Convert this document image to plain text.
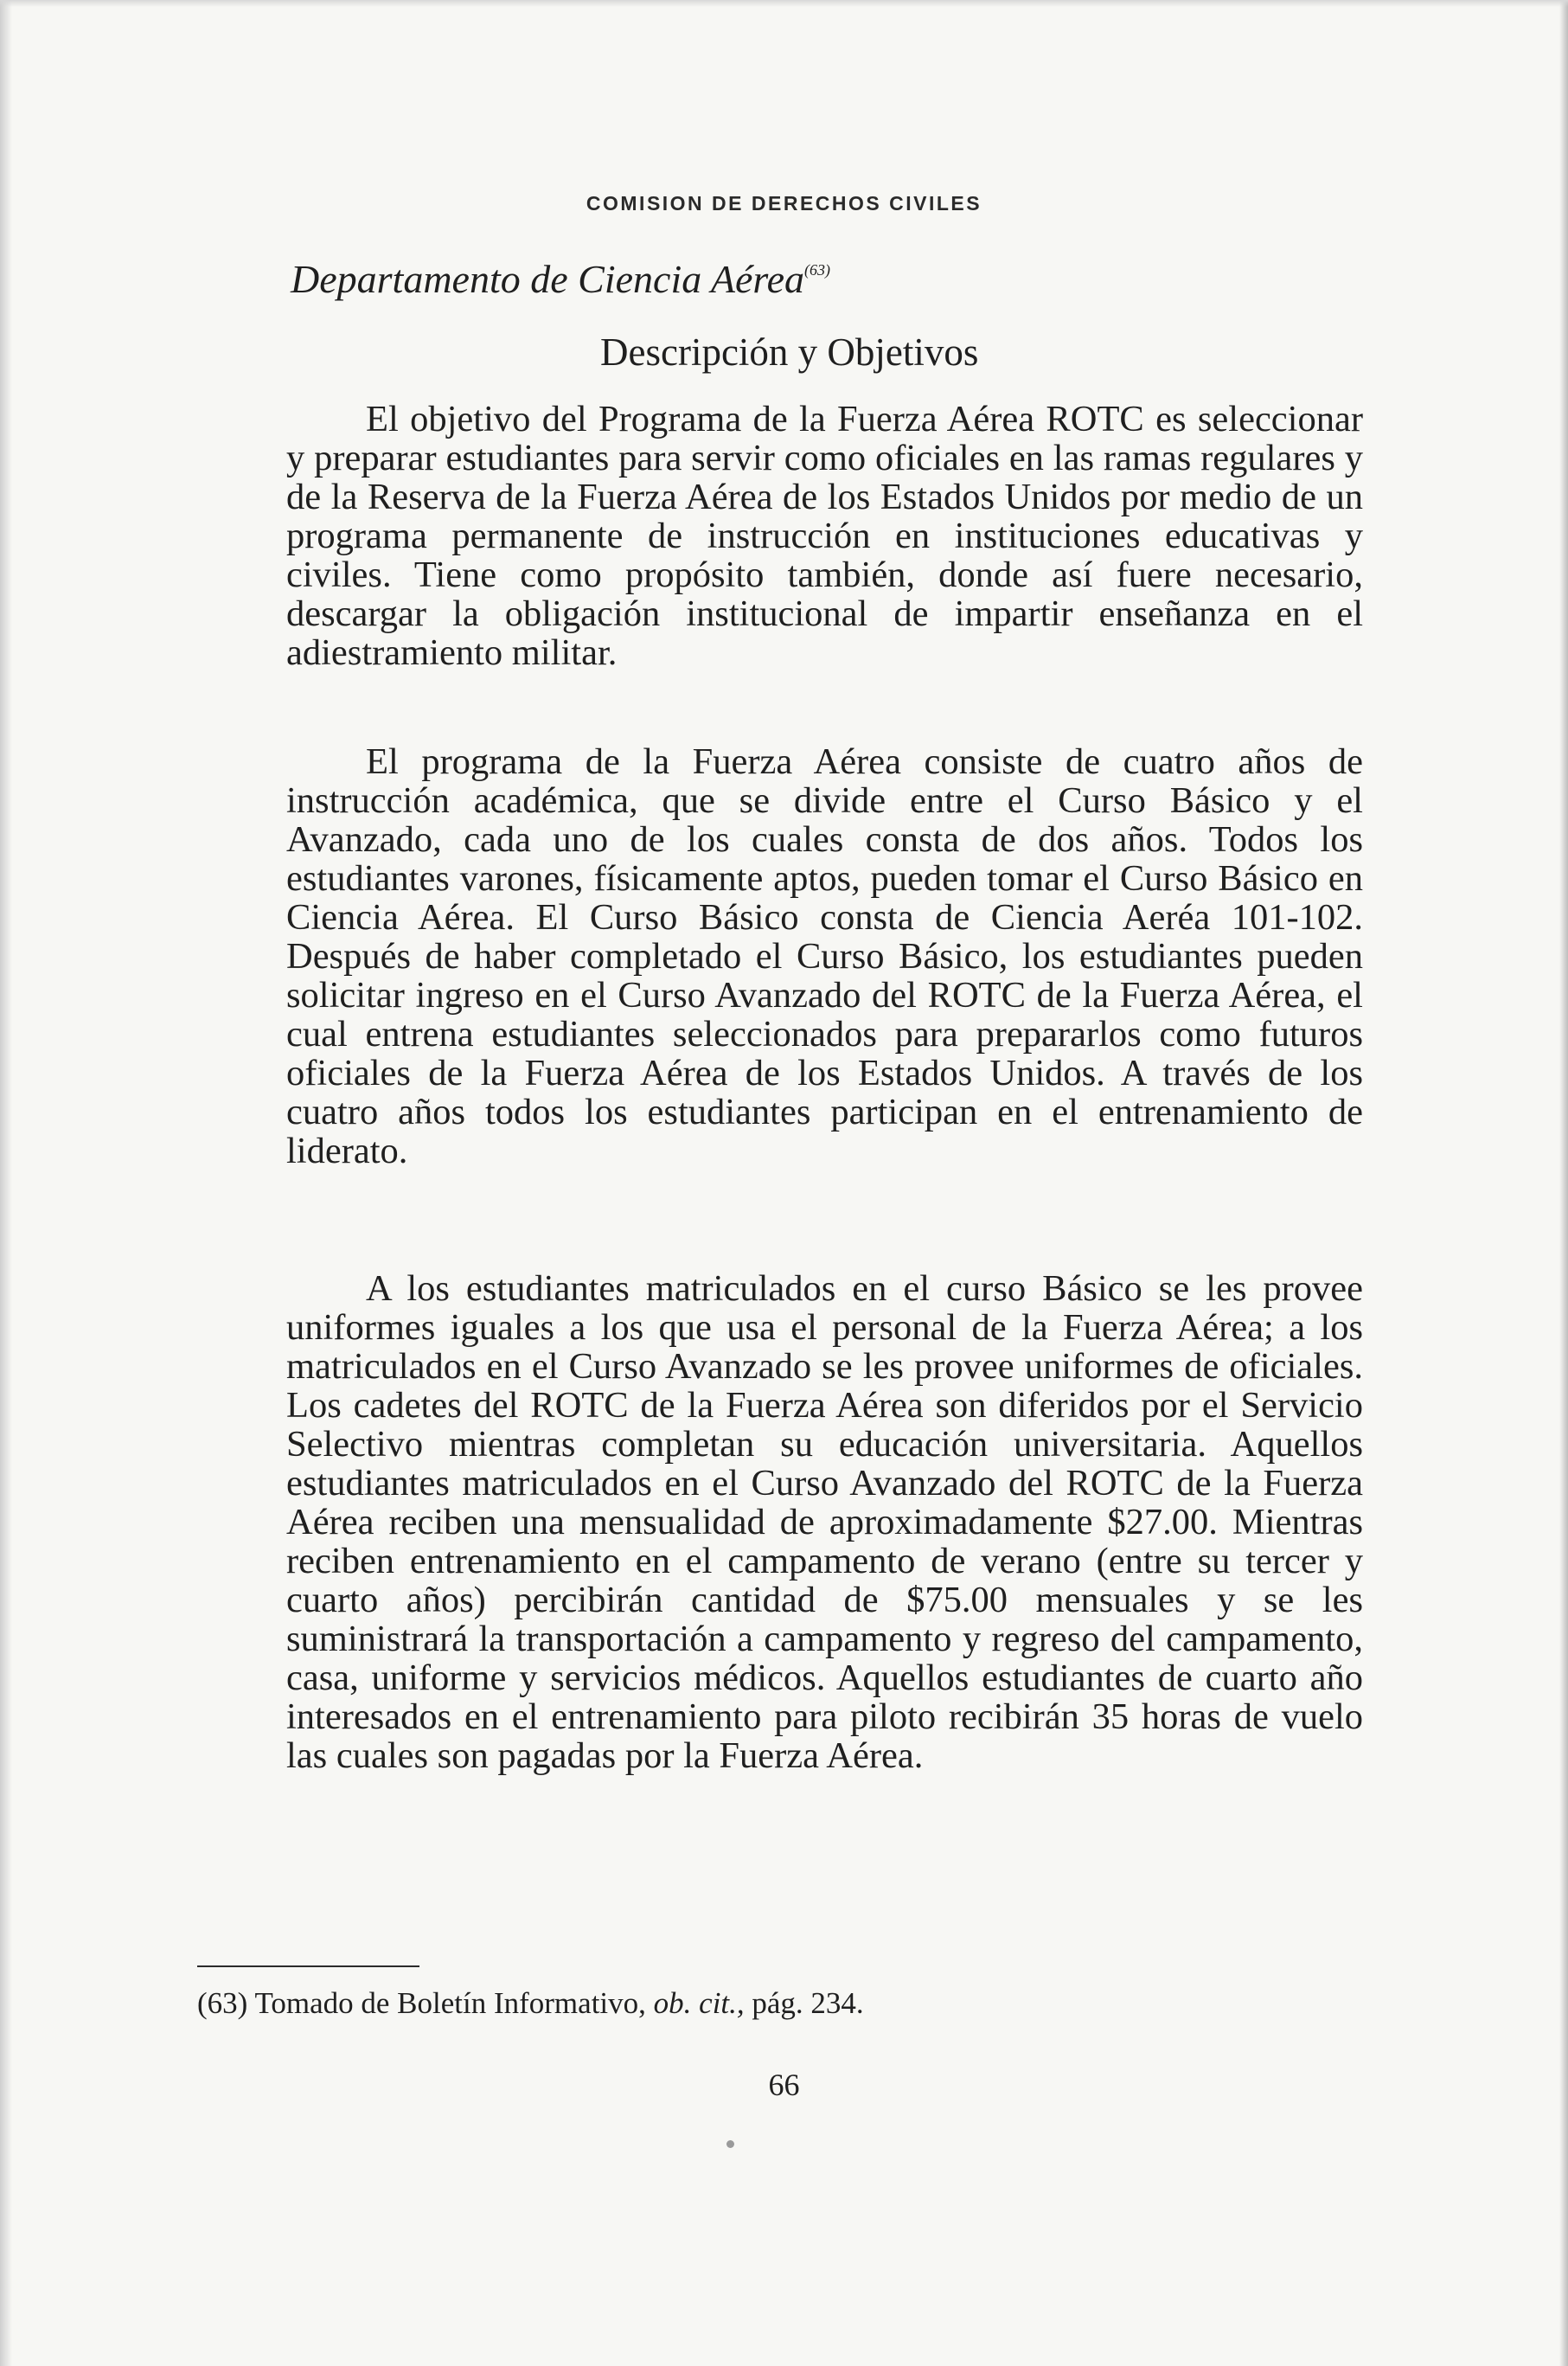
COMISION DE DERECHOS CIVILES
Departamento de Ciencia Aérea$^{(63)}$
Descripción y Objetivos

El objetivo del Programa de la Fuerza Aérea ROTC es seleccionar y preparar estudiantes para servir como oficiales en las ramas regulares y de la Reserva de la Fuerza Aérea de los Estados Unidos por medio de un programa permanente de instrucción en instituciones educativas y civiles. Tiene como propósito también, donde así fuere necesario, descargar la obligación institucional de impartir enseñanza en el adiestramiento militar.

El programa de la Fuerza Aérea consiste de cuatro años de instrucción académica, que se divide entre el Curso Básico y el Avanzado, cada uno de los cuales consta de dos años. Todos los estudiantes varones, físicamente aptos, pueden tomar el Curso Básico en Ciencia Aérea. El Curso Básico consta de Ciencia Aeréa 101-102. Después de haber completado el Curso Básico, los estudiantes pueden solicitar ingreso en el Curso Avanzado del ROTC de la Fuerza Aérea, el cual entrena estudiantes seleccionados para prepararlos como futuros oficiales de la Fuerza Aérea de los Estados Unidos. A través de los cuatro años todos los estudiantes participan en el entrenamiento de liderato.

A los estudiantes matriculados en el curso Básico se les provee uniformes iguales a los que usa el personal de la Fuerza Aérea; a los matriculados en el Curso Avanzado se les provee uniformes de oficiales. Los cadetes del ROTC de la Fuerza Aérea son diferidos por el Servicio Selectivo mientras completan su educación universitaria. Aquellos estudiantes matriculados en el Curso Avanzado del ROTC de la Fuerza Aérea reciben una mensualidad de aproximadamente $27.00. Mientras reciben entrenamiento en el campamento de verano (entre su tercer y cuarto años) percibirán cantidad de $75.00 mensuales y se les suministrará la transportación a campamento y regreso del campamento, casa, uniforme y servicios médicos. Aquellos estudiantes de cuarto año interesados en el entrenamiento para piloto recibirán 35 horas de vuelo las cuales son pagadas por la Fuerza Aérea.

(63) Tomado de Boletín Informativo, ob. cit., pág. 234.
66
